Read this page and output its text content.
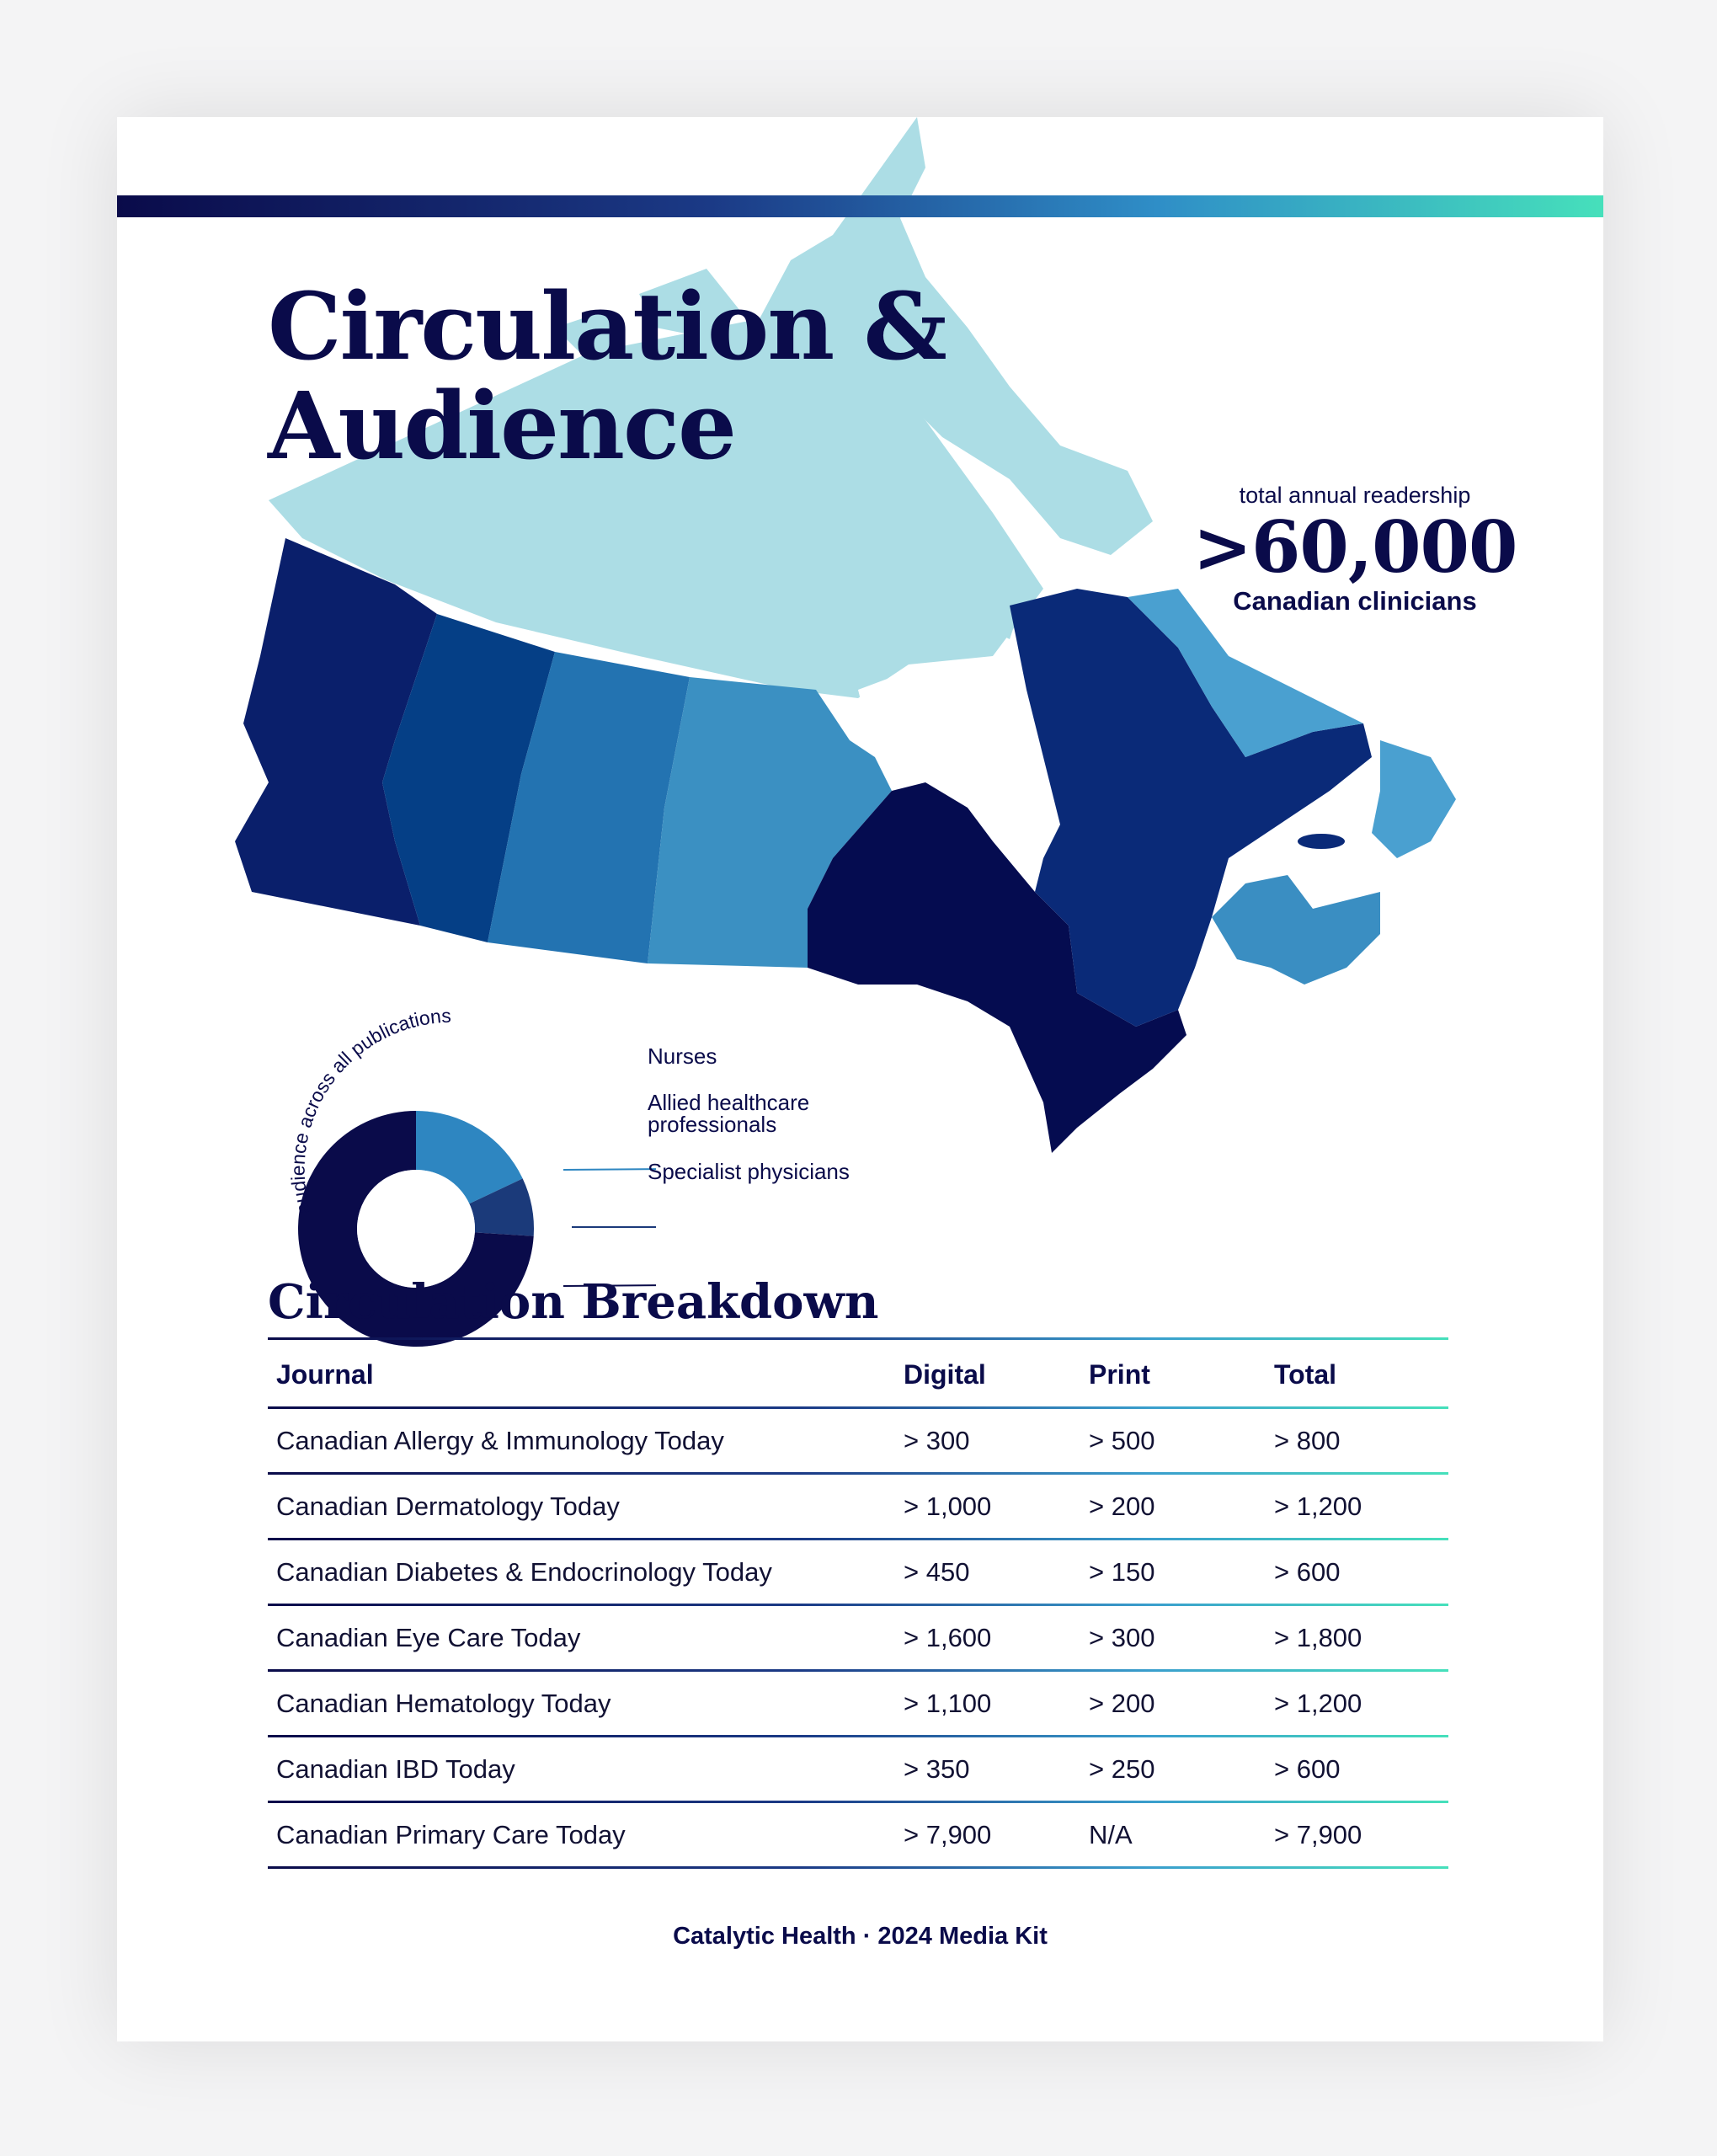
Circulation &
Audience
total annual readership
>60,000
Canadian clinicians
audience across all publications
Nurses
Allied healthcare
professionals
Specialist physicians
Circulation Breakdown
Journal	Digital	Print	Total
Canadian Allergy & Immunology Today	> 300	> 500	> 800
Canadian Dermatology Today	> 1,000	> 200	> 1,200
Canadian Diabetes & Endocrinology Today	> 450	> 150	> 600
Canadian Eye Care Today	> 1,600	> 300	> 1,800
Canadian Hematology Today	> 1,100	> 200	> 1,200
Canadian IBD Today	> 350	> 250	> 600
Canadian Primary Care Today	> 7,900	N/A	> 7,900
Catalytic Health · 2024 Media Kit
